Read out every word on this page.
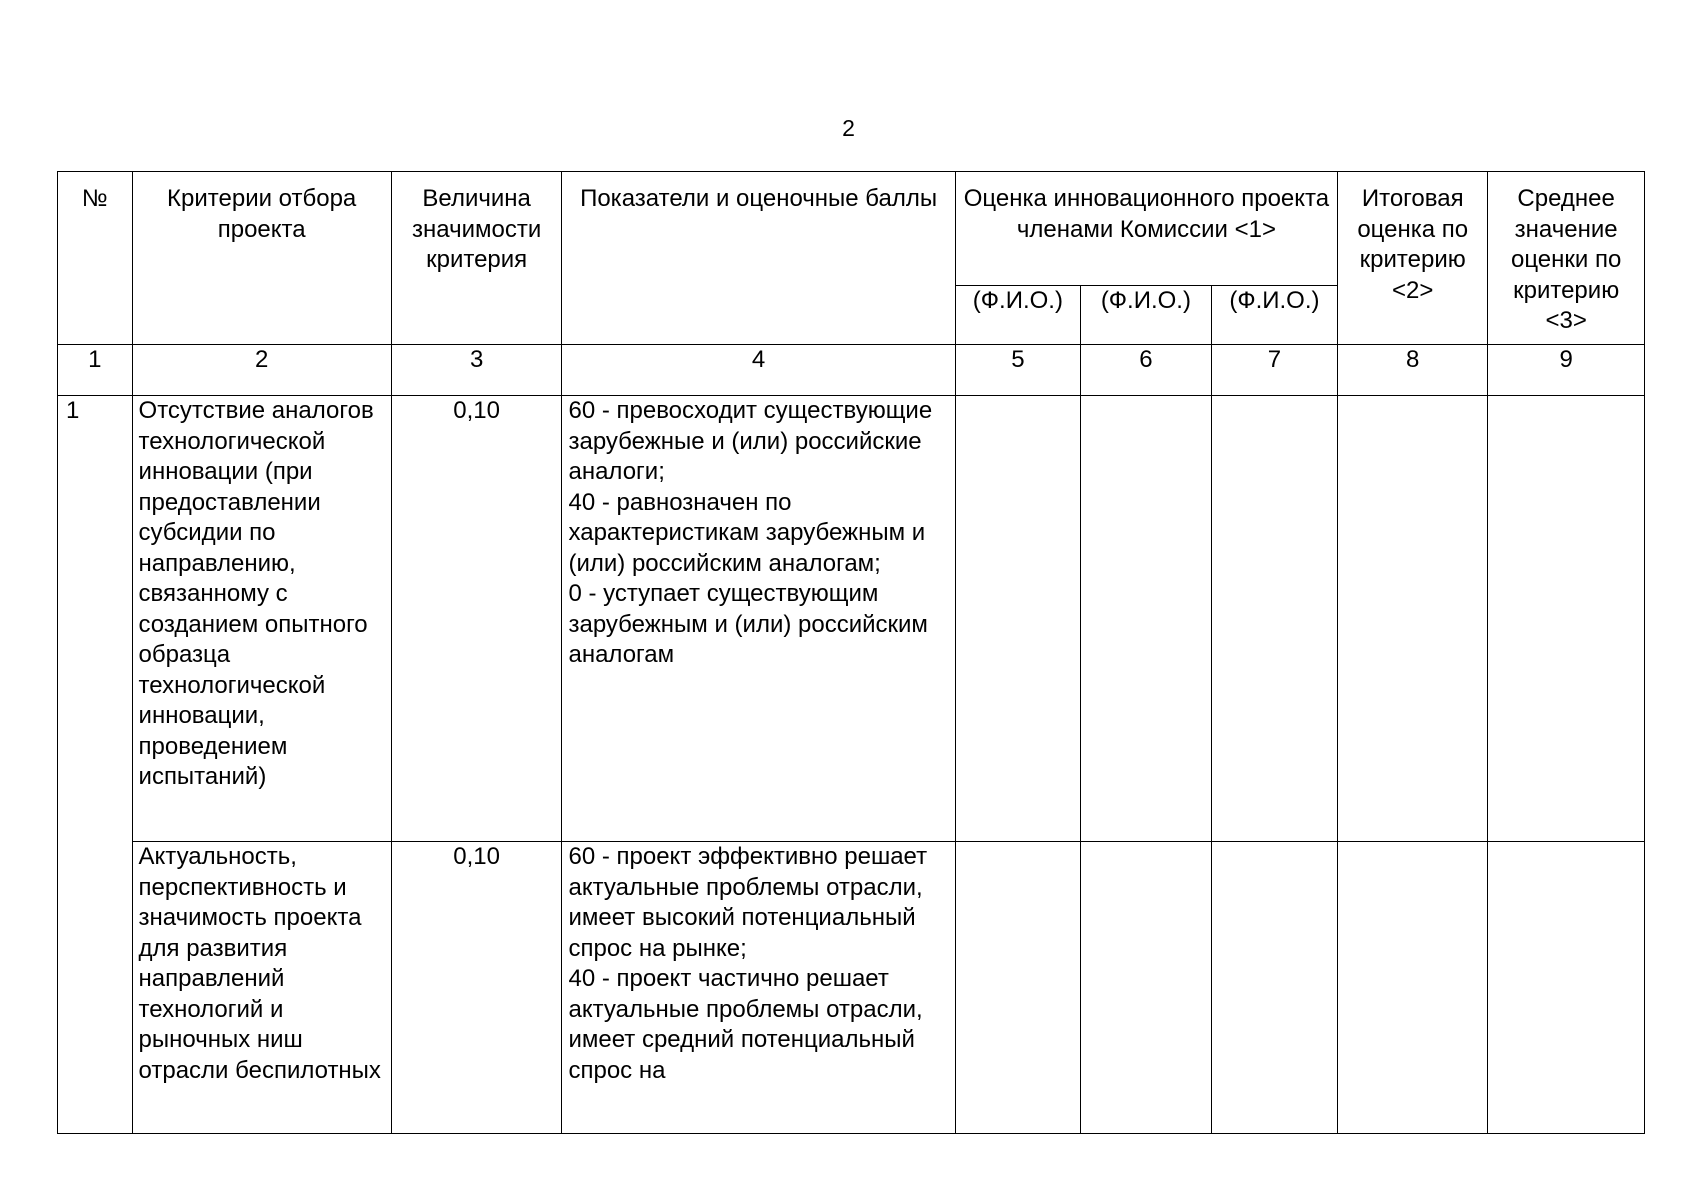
2
№	Критерии отбора проекта	Величина значимости критерия	Показатели и оценочные баллы	Оценка инновационного проекта членами Комиссии <1>			Итоговая оценка по критерию <2>	Среднее значение оценки по критерию <3>
				(Ф.И.О.)	(Ф.И.О.)	(Ф.И.О.)		
1	2	3	4	5	6	7	8	9
1	Отсутствие аналогов технологической инновации (при предоставлении субсидии по направлению, связанному с созданием опытного образца технологической инновации, проведением испытаний)	0,10	60 - превосходит существующие зарубежные и (или) российские аналоги;
40 - равнозначен по характеристикам зарубежным и (или) российским аналогам;
0 - уступает существующим зарубежным и (или) российским аналогам					
	Актуальность, перспективность и значимость проекта для развития направлений технологий и рыночных ниш отрасли беспилотных	0,10	60 - проект эффективно решает актуальные проблемы отрасли, имеет высокий потенциальный спрос на рынке;
40 - проект частично решает актуальные проблемы отрасли, имеет средний потенциальный спрос на					
